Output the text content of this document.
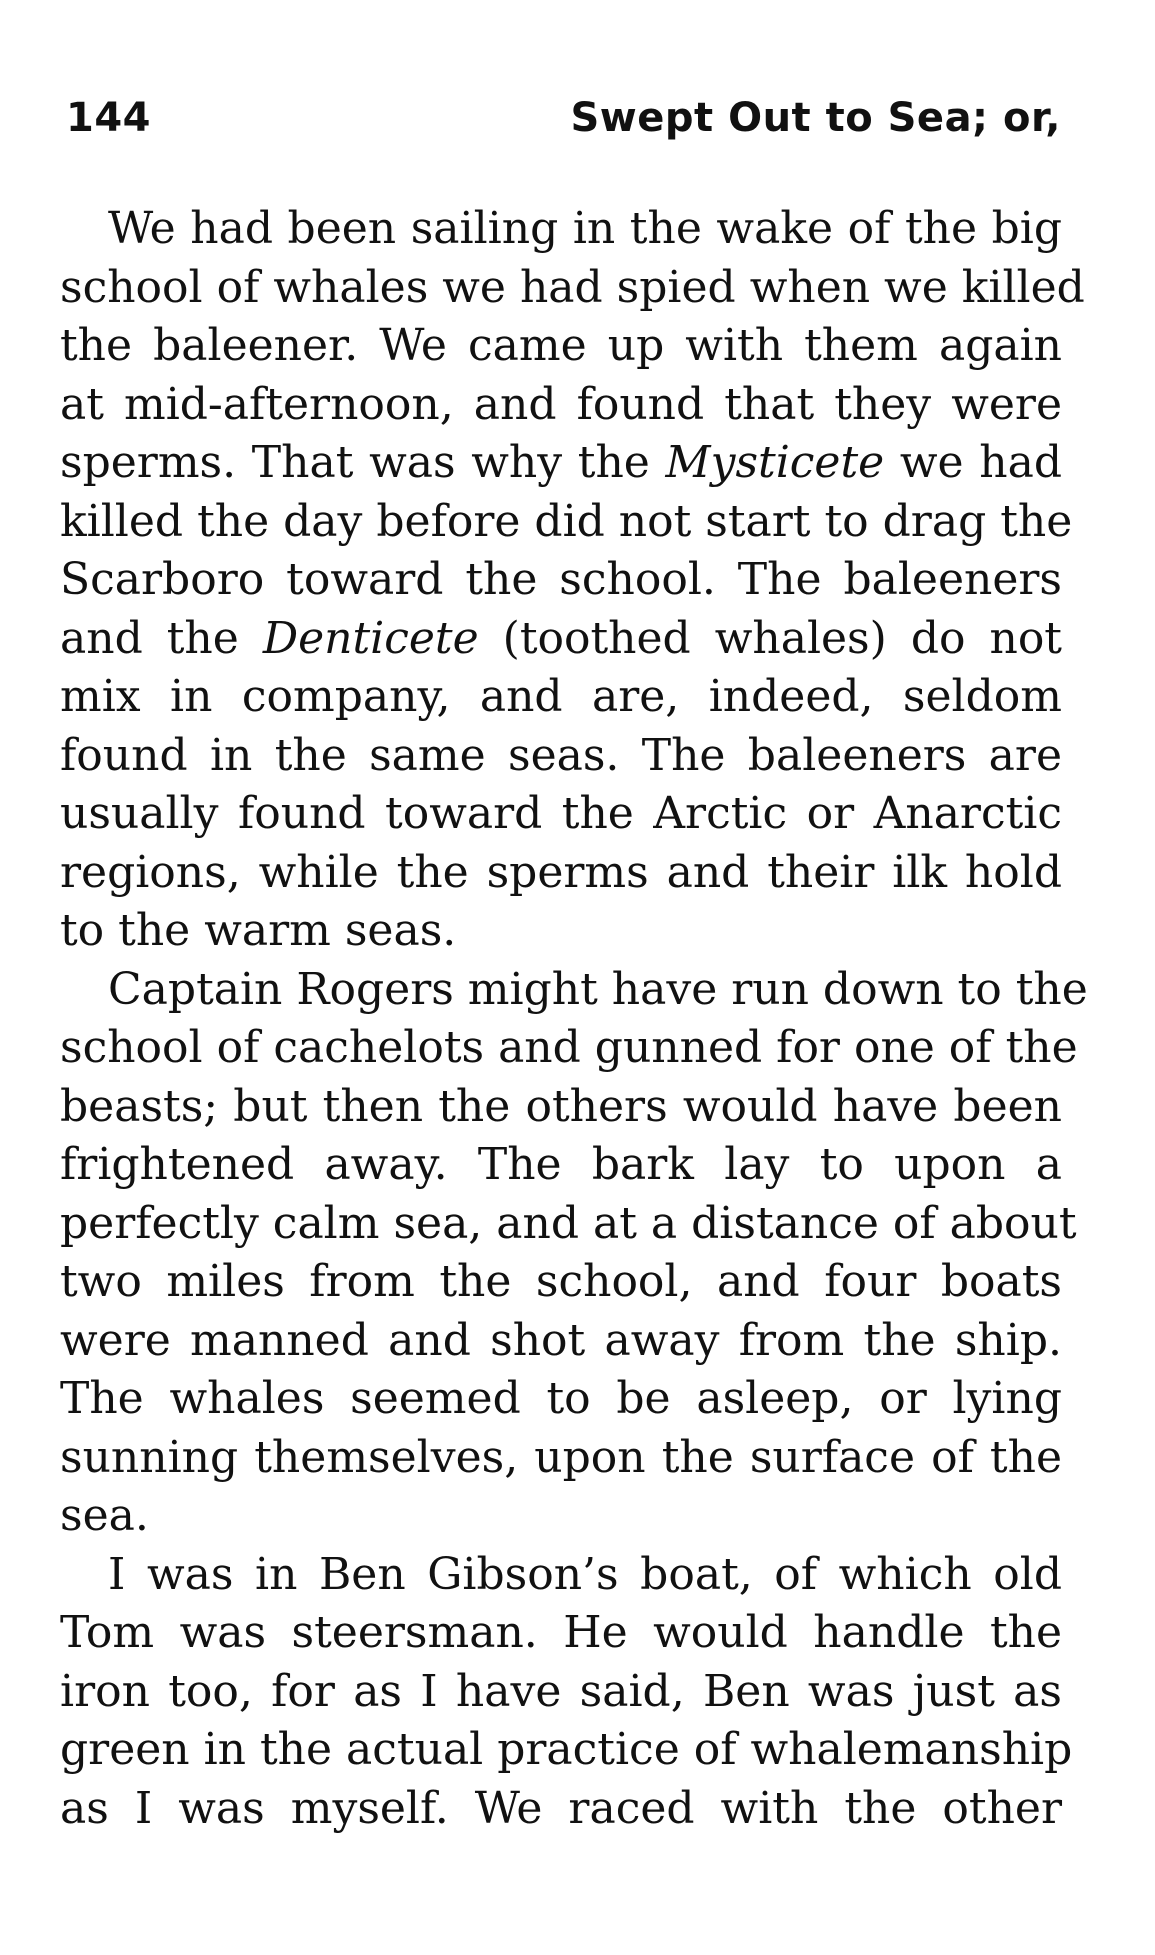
144	Swept Out to Sea; or,
We had been sailing in the wake of the big
school of whales we had spied when we killed
the baleener. We came up with them again
at mid-afternoon, and found that they were
sperms. That was why the Mysticete we had
killed the day before did not start to drag the
Scarboro toward the school. The baleeners
and the Denticete (toothed whales) do not
mix in company, and are, indeed, seldom
found in the same seas. The baleeners are
usually found toward the Arctic or Anarctic
regions, while the sperms and their ilk hold
to the warm seas.
Captain Rogers might have run down to the
school of cachelots and gunned for one of the
beasts; but then the others would have been
frightened away. The bark lay to upon a
perfectly calm sea, and at a distance of about
two miles from the school, and four boats
were manned and shot away from the ship.
The whales seemed to be asleep, or lying
sunning themselves, upon the surface of the
sea.
I was in Ben Gibson’s boat, of which old
Tom was steersman. He would handle the
iron too, for as I have said, Ben was just as
green in the actual practice of whalemanship
as I was myself. We raced with the other
